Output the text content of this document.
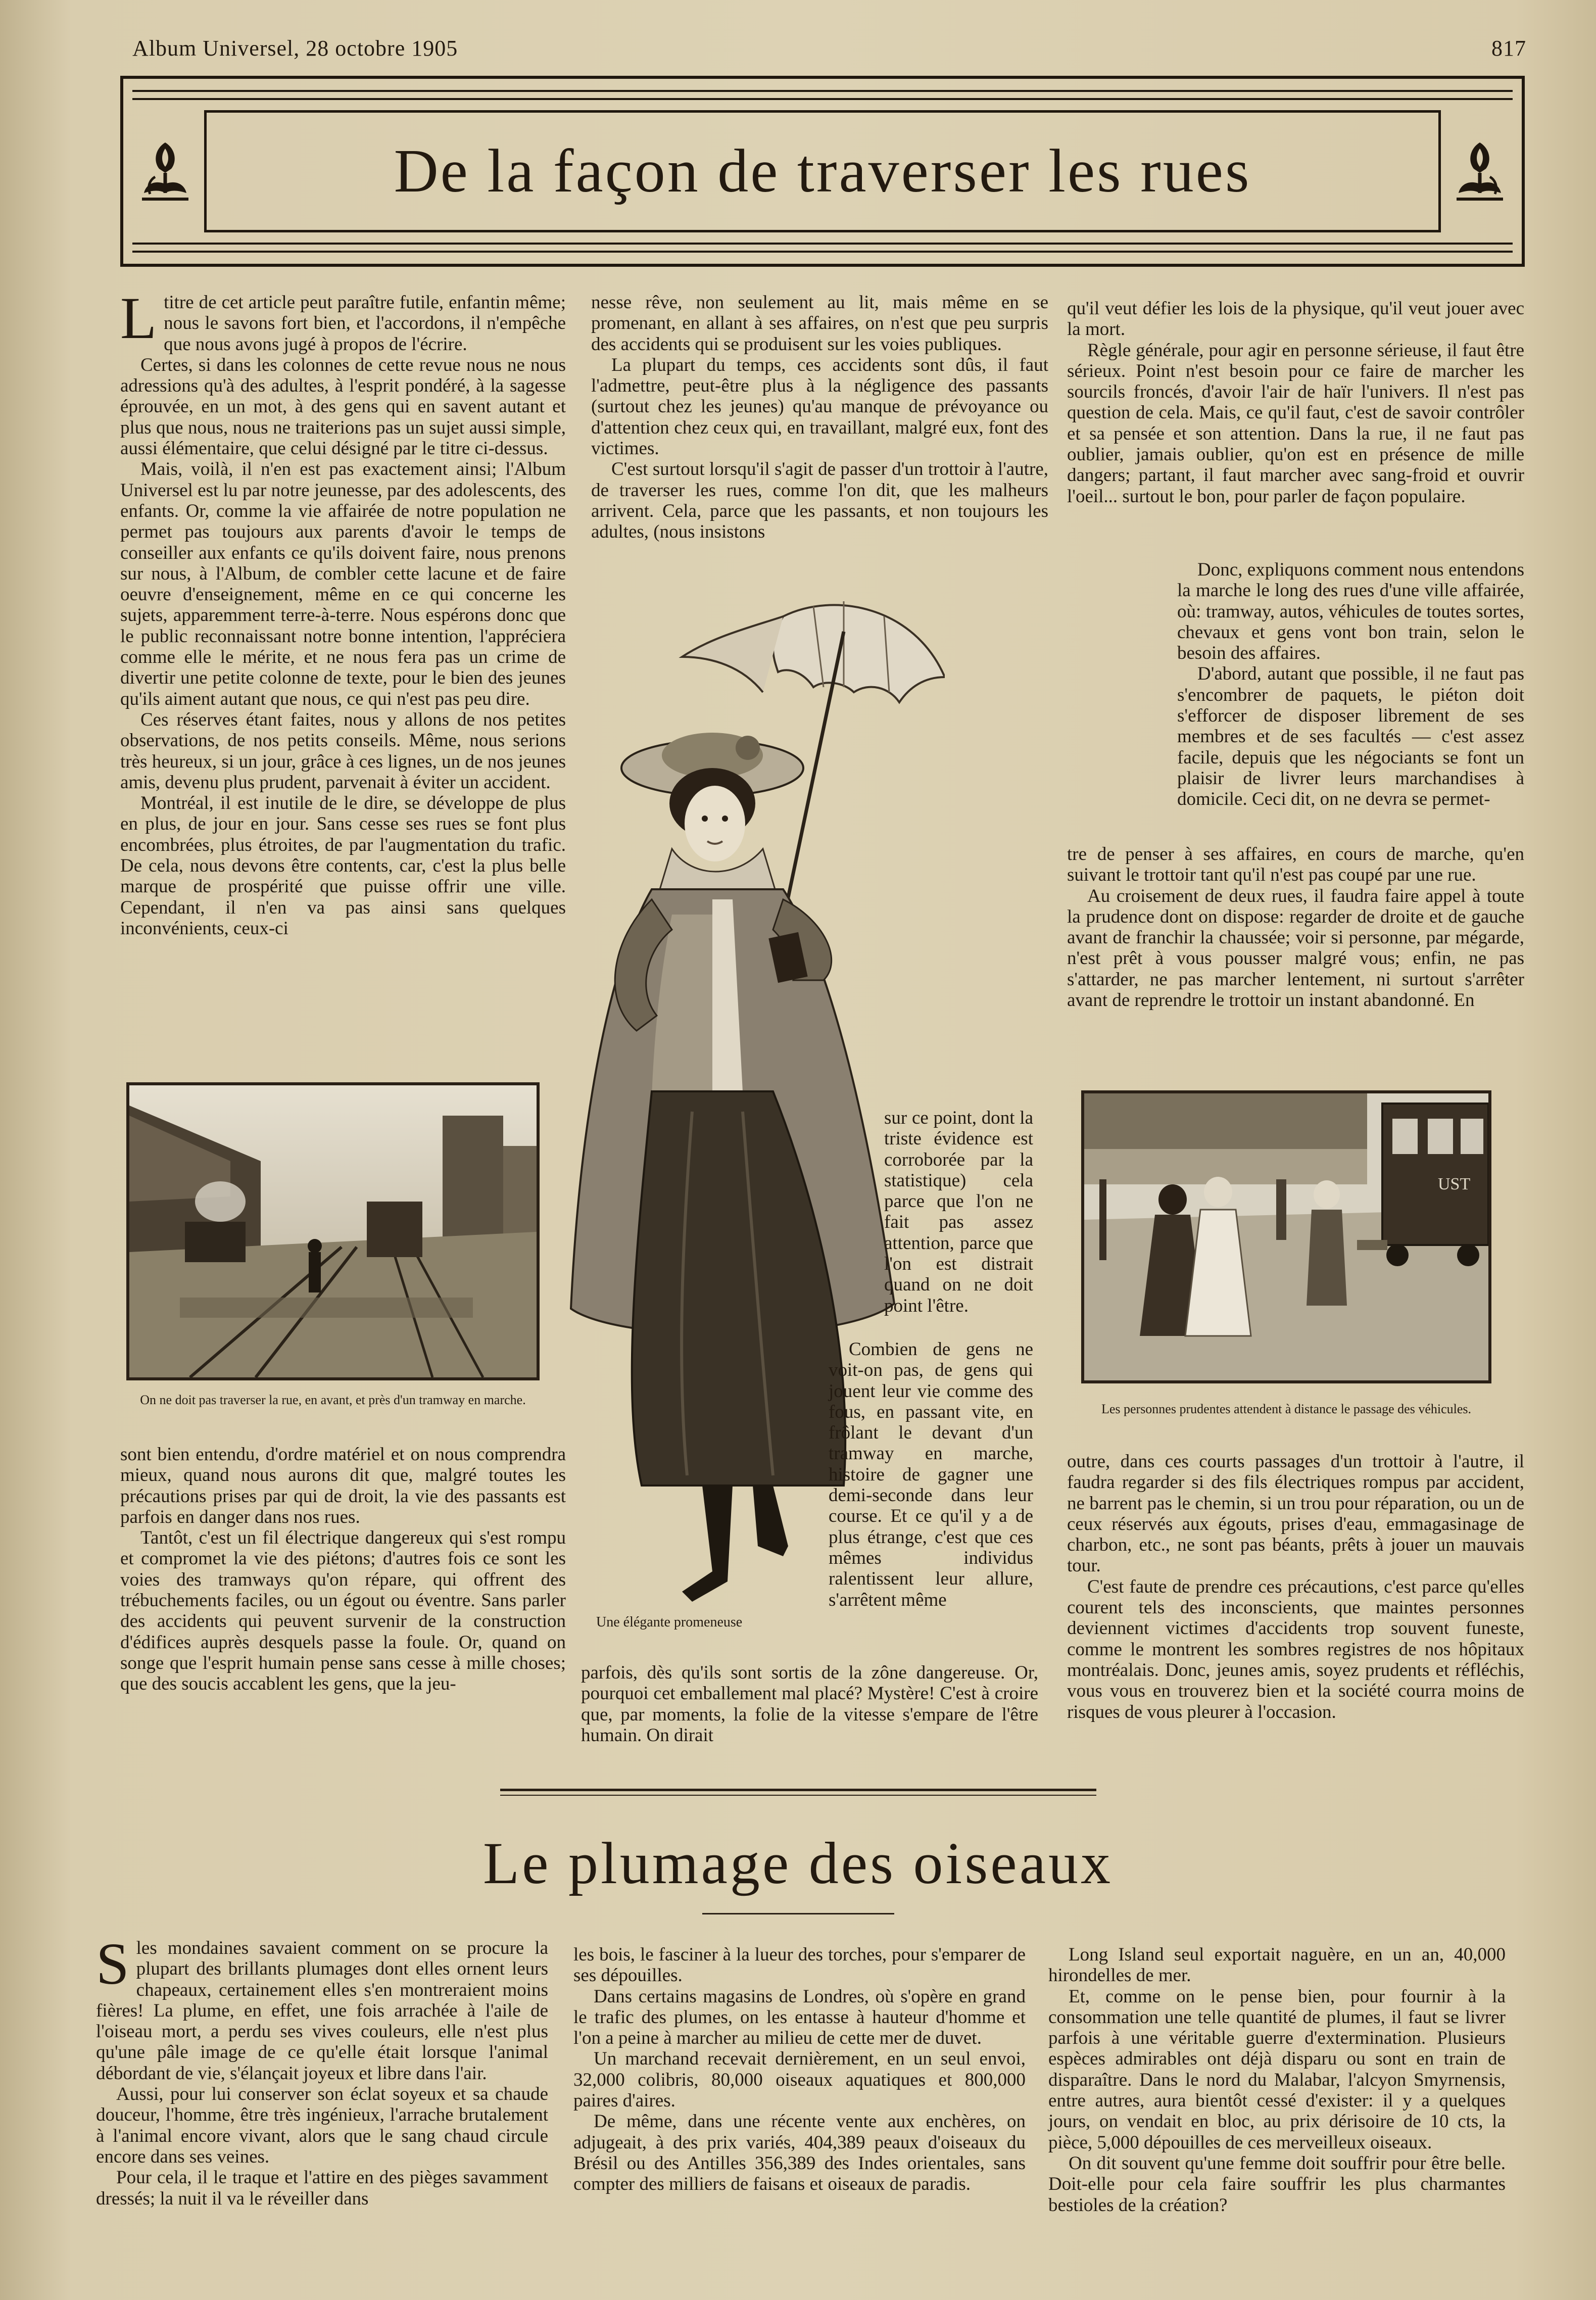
Album Universel, 28 octobre 1905	817
De la façon de traverser les rues
L titre de cet article peut paraître futile, enfantin même; nous le savons fort bien, et l'accordons, il n'empêche que nous avons jugé à propos de l'écrire.

Certes, si dans les colonnes de cette revue nous ne nous adressions qu'à des adultes, à l'esprit pondéré, à la sagesse éprouvée, en un mot, à des gens qui en savent autant et plus que nous, nous ne traiterions pas un sujet aussi simple, aussi élémentaire, que celui désigné par le titre ci-dessus.

Mais, voilà, il n'en est pas exactement ainsi; l'Album Universel est lu par notre jeunesse, par des adolescents, des enfants. Or, comme la vie affairée de notre population ne permet pas toujours aux parents d'avoir le temps de conseiller aux enfants ce qu'ils doivent faire, nous prenons sur nous, à l'Album, de combler cette lacune et de faire oeuvre d'enseignement, même en ce qui concerne les sujets, apparemment terre-à-terre. Nous espérons donc que le public reconnaissant notre bonne intention, l'appréciera comme elle le mérite, et ne nous fera pas un crime de divertir une petite colonne de texte, pour le bien des jeunes qu'ils aiment autant que nous, ce qui n'est pas peu dire.

Ces réserves étant faites, nous y allons de nos petites observations, de nos petits conseils. Même, nous serions très heureux, si un jour, grâce à ces lignes, un de nos jeunes amis, devenu plus prudent, parvenait à éviter un accident.

Montréal, il est inutile de le dire, se développe de plus en plus, de jour en jour. Sans cesse ses rues se font plus encombrées, plus étroites, de par l'augmentation du trafic. De cela, nous devons être contents, car, c'est la plus belle marque de prospérité que puisse offrir une ville. Cependant, il n'en va pas ainsi sans quelques inconvénients, ceux-ci

On ne doit pas traverser la rue, en avant, et près d'un tramway en marche.

sont bien entendu, d'ordre matériel et on nous comprendra mieux, quand nous aurons dit que, malgré toutes les précautions prises par qui de droit, la vie des passants est parfois en danger dans nos rues.

Tantôt, c'est un fil électrique dangereux qui s'est rompu et compromet la vie des piétons; d'autres fois ce sont les voies des tramways qu'on répare, qui offrent des trébuchements faciles, ou un égout ou éventre. Sans parler des accidents qui peuvent survenir de la construction d'édifices auprès desquels passe la foule. Or, quand on songe que l'esprit humain pense sans cesse à mille choses; que des soucis accablent les gens, que la jeu-

nesse rêve, non seulement au lit, mais même en se promenant, en allant à ses affaires, on n'est que peu surpris des accidents qui se produisent sur les voies publiques.

La plupart du temps, ces accidents sont dûs, il faut l'admettre, peut-être plus à la négligence des passants (surtout chez les jeunes) qu'au manque de prévoyance ou d'attention chez ceux qui, en travaillant, malgré eux, font des victimes.

C'est surtout lorsqu'il s'agit de passer d'un trottoir à l'autre, de traverser les rues, comme l'on dit, que les malheurs arrivent. Cela, parce que les passants, et non toujours les adultes, (nous insistons

Une élégante promeneuse

sur ce point, dont la triste évidence est corroborée par la statistique) cela parce que l'on ne fait pas assez attention, parce que l'on est distrait quand on ne doit point l'être.

Combien de gens ne voit-on pas, de gens qui jouent leur vie comme des fous, en passant vite, en frôlant le devant d'un tramway en marche, histoire de gagner une demi-seconde dans leur course. Et ce qu'il y a de plus étrange, c'est que ces mêmes individus ralentissent leur allure, s'arrêtent même

parfois, dès qu'ils sont sortis de la zône dangereuse. Or, pourquoi cet emballement mal placé? Mystère! C'est à croire que, par moments, la folie de la vitesse s'empare de l'être humain. On dirait

qu'il veut défier les lois de la physique, qu'il veut jouer avec la mort.

Règle générale, pour agir en personne sérieuse, il faut être sérieux. Point n'est besoin pour ce faire de marcher les sourcils froncés, d'avoir l'air de haïr l'univers. Il n'est pas question de cela. Mais, ce qu'il faut, c'est de savoir contrôler et sa pensée et son attention. Dans la rue, il ne faut pas oublier, jamais oublier, qu'on est en présence de mille dangers; partant, il faut marcher avec sang-froid et ouvrir l'oeil... surtout le bon, pour parler de façon populaire.

Donc, expliquons comment nous entendons la marche le long des rues d'une ville affairée, où: tramway, autos, véhicules de toutes sortes, chevaux et gens vont bon train, selon le besoin des affaires.

D'abord, autant que possible, il ne faut pas s'encombrer de paquets, le piéton doit s'efforcer de disposer librement de ses membres et de ses facultés — c'est assez facile, depuis que les négociants se font un plaisir de livrer leurs marchandises à domicile. Ceci dit, on ne devra se permet-

tre de penser à ses affaires, en cours de marche, qu'en suivant le trottoir tant qu'il n'est pas coupé par une rue.

Au croisement de deux rues, il faudra faire appel à toute la prudence dont on dispose: regarder de droite et de gauche avant de franchir la chaussée; voir si personne, par mégarde, n'est prêt à vous pousser malgré vous; enfin, ne pas s'attarder, ne pas marcher lentement, ni surtout s'arrêter avant de reprendre le trottoir un instant abandonné. En

UST
Les personnes prudentes attendent à distance le passage des véhicules.

outre, dans ces courts passages d'un trottoir à l'autre, il faudra regarder si des fils électriques rompus par accident, ne barrent pas le chemin, si un trou pour réparation, ou un de ceux réservés aux égouts, prises d'eau, emmagasinage de charbon, etc., ne sont pas béants, prêts à jouer un mauvais tour.

C'est faute de prendre ces précautions, c'est parce qu'elles courent tels des inconscients, que maintes personnes deviennent victimes d'accidents trop souvent funeste, comme le montrent les sombres registres de nos hôpitaux montréalais. Donc, jeunes amis, soyez prudents et réfléchis, vous vous en trouverez bien et la société courra moins de risques de vous pleurer à l'occasion.

Le plumage des oiseaux
S les mondaines savaient comment on se procure la plupart des brillants plumages dont elles ornent leurs chapeaux, certainement elles s'en montreraient moins fières! La plume, en effet, une fois arrachée à l'aile de l'oiseau mort, a perdu ses vives couleurs, elle n'est plus qu'une pâle image de ce qu'elle était lorsque l'animal débordant de vie, s'élançait joyeux et libre dans l'air.

Aussi, pour lui conserver son éclat soyeux et sa chaude douceur, l'homme, être très ingénieux, l'arrache brutalement à l'animal encore vivant, alors que le sang chaud circule encore dans ses veines.

Pour cela, il le traque et l'attire en des pièges savamment dressés; la nuit il va le réveiller dans

les bois, le fasciner à la lueur des torches, pour s'emparer de ses dépouilles.

Dans certains magasins de Londres, où s'opère en grand le trafic des plumes, on les entasse à hauteur d'homme et l'on a peine à marcher au milieu de cette mer de duvet.

Un marchand recevait dernièrement, en un seul envoi, 32,000 colibris, 80,000 oiseaux aquatiques et 800,000 paires d'aires.

De même, dans une récente vente aux enchères, on adjugeait, à des prix variés, 404,389 peaux d'oiseaux du Brésil ou des Antilles 356,389 des Indes orientales, sans compter des milliers de faisans et oiseaux de paradis.

Long Island seul exportait naguère, en un an, 40,000 hirondelles de mer.

Et, comme on le pense bien, pour fournir à la consommation une telle quantité de plumes, il faut se livrer parfois à une véritable guerre d'extermination. Plusieurs espèces admirables ont déjà disparu ou sont en train de disparaître. Dans le nord du Malabar, l'alcyon Smyrnensis, entre autres, aura bientôt cessé d'exister: il y a quelques jours, on vendait en bloc, au prix dérisoire de 10 cts, la pièce, 5,000 dépouilles de ces merveilleux oiseaux.

On dit souvent qu'une femme doit souffrir pour être belle. Doit-elle pour cela faire souffrir les plus charmantes bestioles de la création?
